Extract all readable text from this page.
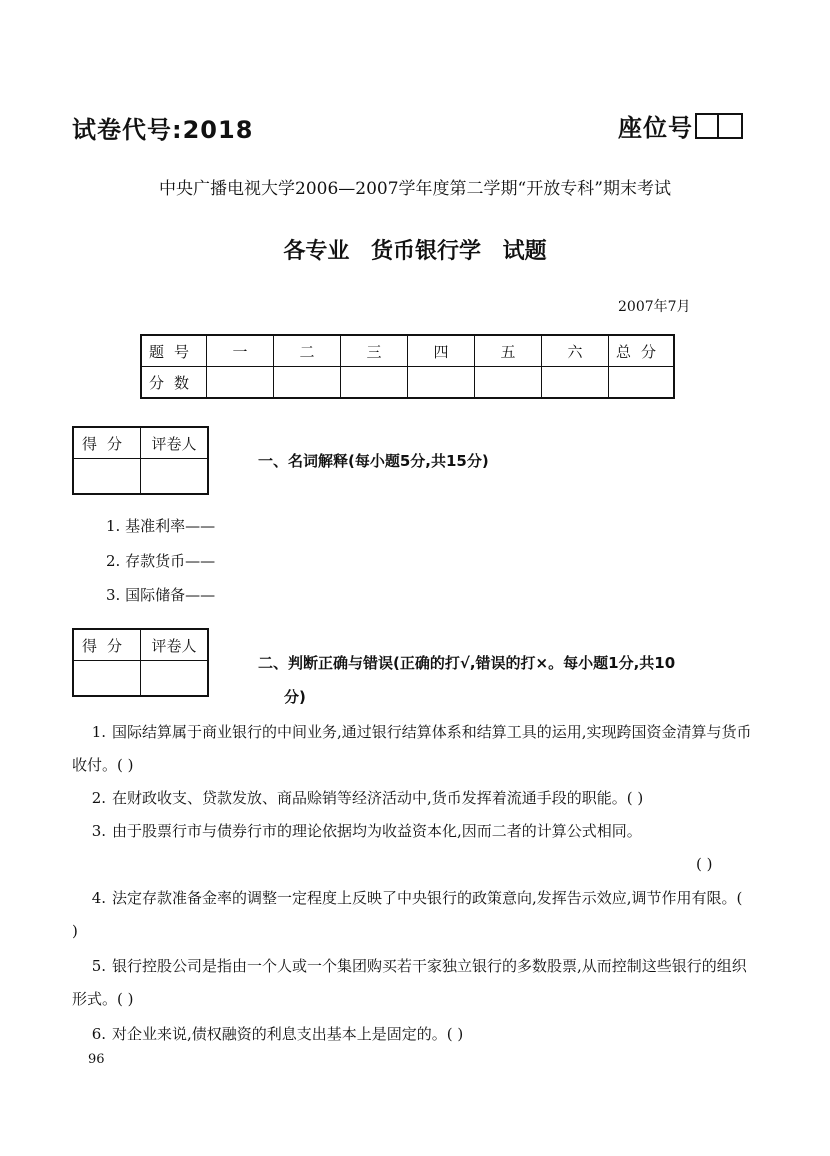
试卷代号:2018	座位号
中央广播电视大学2006—2007学年度第二学期“开放专科”期末考试
各专业 货币银行学 试题
2007年7月
题号	一	二	三	四	五	六	总分
分数							
得分	评卷人

一、名词解释(每小题5分,共15分)
1. 基准利率——
2. 存款货币——
3. 国际储备——
得分	评卷人

二、判断正确与错误(正确的打√,错误的打×。每小题1分,共10
分)
1. 国际结算属于商业银行的中间业务,通过银行结算体系和结算工具的运用,实现跨国资金清算与货币收付。( )
2. 在财政收支、贷款发放、商品赊销等经济活动中,货币发挥着流通手段的职能。( )
3. 由于股票行市与债券行市的理论依据均为收益资本化,因而二者的计算公式相同。
( )
4. 法定存款准备金率的调整一定程度上反映了中央银行的政策意向,发挥告示效应,调节作用有限。( )
5. 银行控股公司是指由一个人或一个集团购买若干家独立银行的多数股票,从而控制这些银行的组织形式。( )
6. 对企业来说,债权融资的利息支出基本上是固定的。( )
96
